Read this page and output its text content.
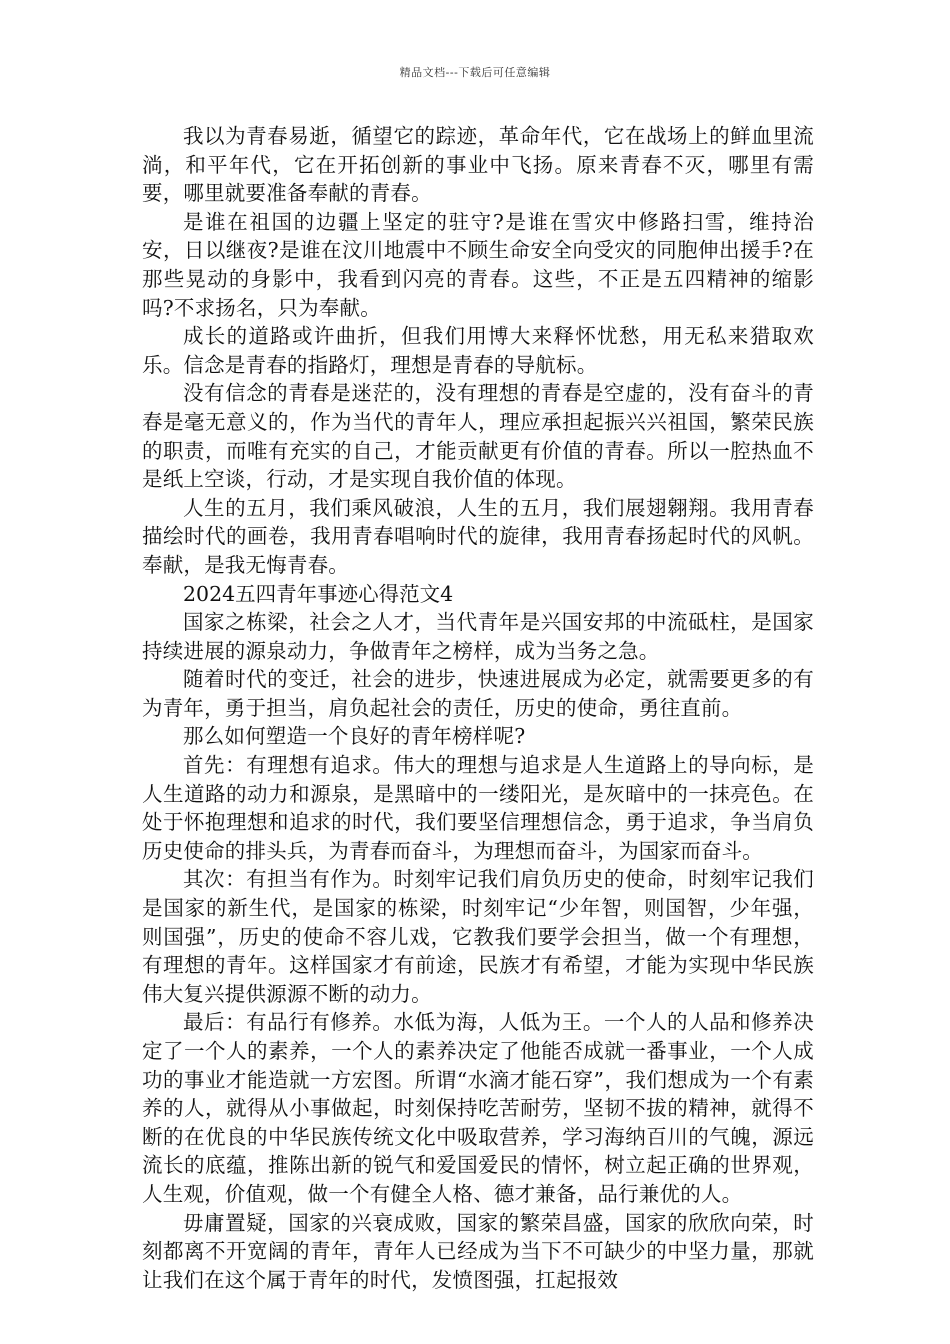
精品文档---下载后可任意编辑

我以为青春易逝，循望它的踪迹，革命年代，它在战场上的鲜血里流淌，和平年代，它在开拓创新的事业中飞扬。原来青春不灭，哪里有需要，哪里就要准备奉献的青春。

是谁在祖国的边疆上坚定的驻守?是谁在雪灾中修路扫雪，维持治安，日以继夜?是谁在汶川地震中不顾生命安全向受灾的同胞伸出援手?在那些晃动的身影中，我看到闪亮的青春。这些，不正是五四精神的缩影吗?不求扬名，只为奉献。

成长的道路或许曲折，但我们用博大来释怀忧愁，用无私来猎取欢乐。信念是青春的指路灯，理想是青春的导航标。

没有信念的青春是迷茫的，没有理想的青春是空虚的，没有奋斗的青春是毫无意义的，作为当代的青年人，理应承担起振兴兴祖国，繁荣民族的职责，而唯有充实的自己，才能贡献更有价值的青春。所以一腔热血不是纸上空谈，行动，才是实现自我价值的体现。

人生的五月，我们乘风破浪，人生的五月，我们展翅翱翔。我用青春描绘时代的画卷，我用青春唱响时代的旋律，我用青春扬起时代的风帆。奉献，是我无悔青春。

2024五四青年事迹心得范文4

国家之栋梁，社会之人才，当代青年是兴国安邦的中流砥柱，是国家持续进展的源泉动力，争做青年之榜样，成为当务之急。

随着时代的变迁，社会的进步，快速进展成为必定，就需要更多的有为青年，勇于担当，肩负起社会的责任，历史的使命，勇往直前。

那么如何塑造一个良好的青年榜样呢?

首先：有理想有追求。伟大的理想与追求是人生道路上的导向标，是人生道路的动力和源泉，是黑暗中的一缕阳光，是灰暗中的一抹亮色。在处于怀抱理想和追求的时代，我们要坚信理想信念，勇于追求，争当肩负历史使命的排头兵，为青春而奋斗，为理想而奋斗，为国家而奋斗。

其次：有担当有作为。时刻牢记我们肩负历史的使命，时刻牢记我们是国家的新生代，是国家的栋梁，时刻牢记“少年智，则国智，少年强，则国强”，历史的使命不容儿戏，它教我们要学会担当，做一个有理想，有理想的青年。这样国家才有前途，民族才有希望，才能为实现中华民族伟大复兴提供源源不断的动力。

最后：有品行有修养。水低为海，人低为王。一个人的人品和修养决定了一个人的素养，一个人的素养决定了他能否成就一番事业，一个人成功的事业才能造就一方宏图。所谓“水滴才能石穿”，我们想成为一个有素养的人，就得从小事做起，时刻保持吃苦耐劳，坚韧不拔的精神，就得不断的在优良的中华民族传统文化中吸取营养，学习海纳百川的气魄，源远流长的底蕴，推陈出新的锐气和爱国爱民的情怀，树立起正确的世界观，人生观，价值观，做一个有健全人格、德才兼备，品行兼优的人。

毋庸置疑，国家的兴衰成败，国家的繁荣昌盛，国家的欣欣向荣，时刻都离不开宽阔的青年，青年人已经成为当下不可缺少的中坚力量，那就让我们在这个属于青年的时代，发愤图强，扛起报效
